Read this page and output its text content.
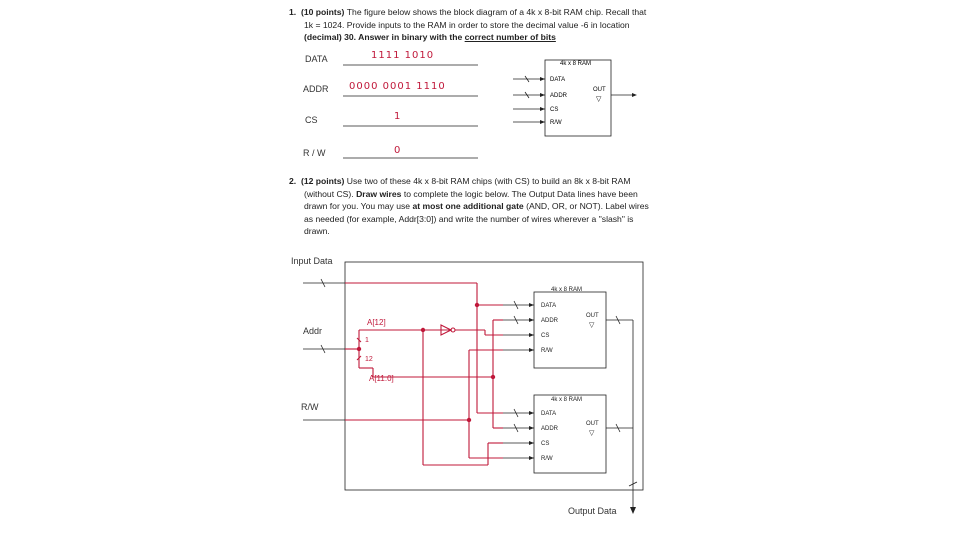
1. (10 points) The figure below shows the block diagram of a 4k x 8-bit RAM chip. Recall that
1k = 1024. Provide inputs to the RAM in order to store the decimal value -6 in location
(decimal) 30. Answer in binary with the correct number of bits
DATA
ADDR
CS
R / W
1111 1010
0000 0001 1110
1
0
4k x 8 RAM
DATA
ADDR
CS
R/W
OUT
▽
2. (12 points) Use two of these 4k x 8-bit RAM chips (with CS) to build an 8k x 8-bit RAM
(without CS). Draw wires to complete the logic below. The Output Data lines have been
drawn for you. You may use at most one additional gate (AND, OR, or NOT). Label wires
as needed (for example, Addr[3:0]) and write the number of wires wherever a "slash" is
drawn.
Input Data
Addr
R/W
Output Data
A[12]
1
12
A[11:0]
4k x 8 RAM
DATA
ADDR
CS
R/W
OUT
▽
4k x 8 RAM
DATA
ADDR
CS
R/W
OUT
▽
